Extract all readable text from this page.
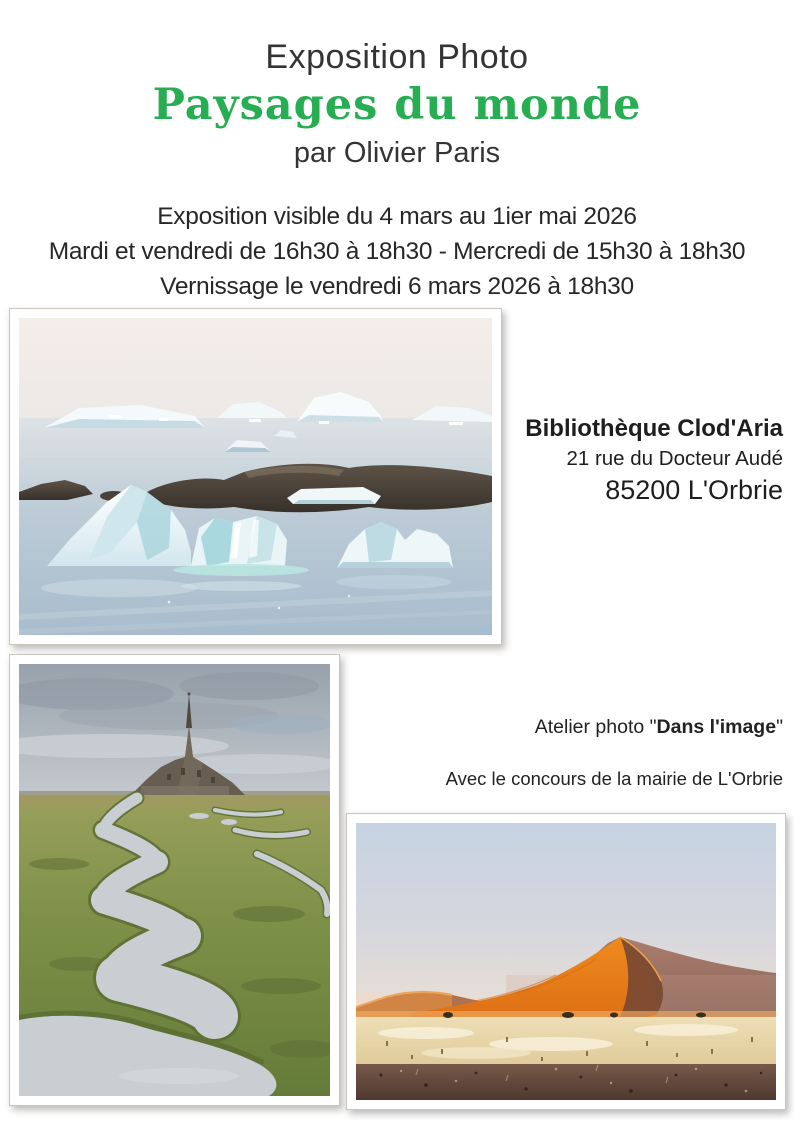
Exposition Photo
Paysages du monde
par Olivier Paris
Exposition visible du 4 mars au 1ier mai 2026
Mardi et vendredi de 16h30 à 18h30 - Mercredi de 15h30 à 18h30
Vernissage le vendredi 6 mars 2026 à 18h30
Bibliothèque Clod'Aria
21 rue du Docteur Audé
85200 L'Orbrie
Atelier photo "Dans l'image"
Avec le concours de la mairie de L'Orbrie
